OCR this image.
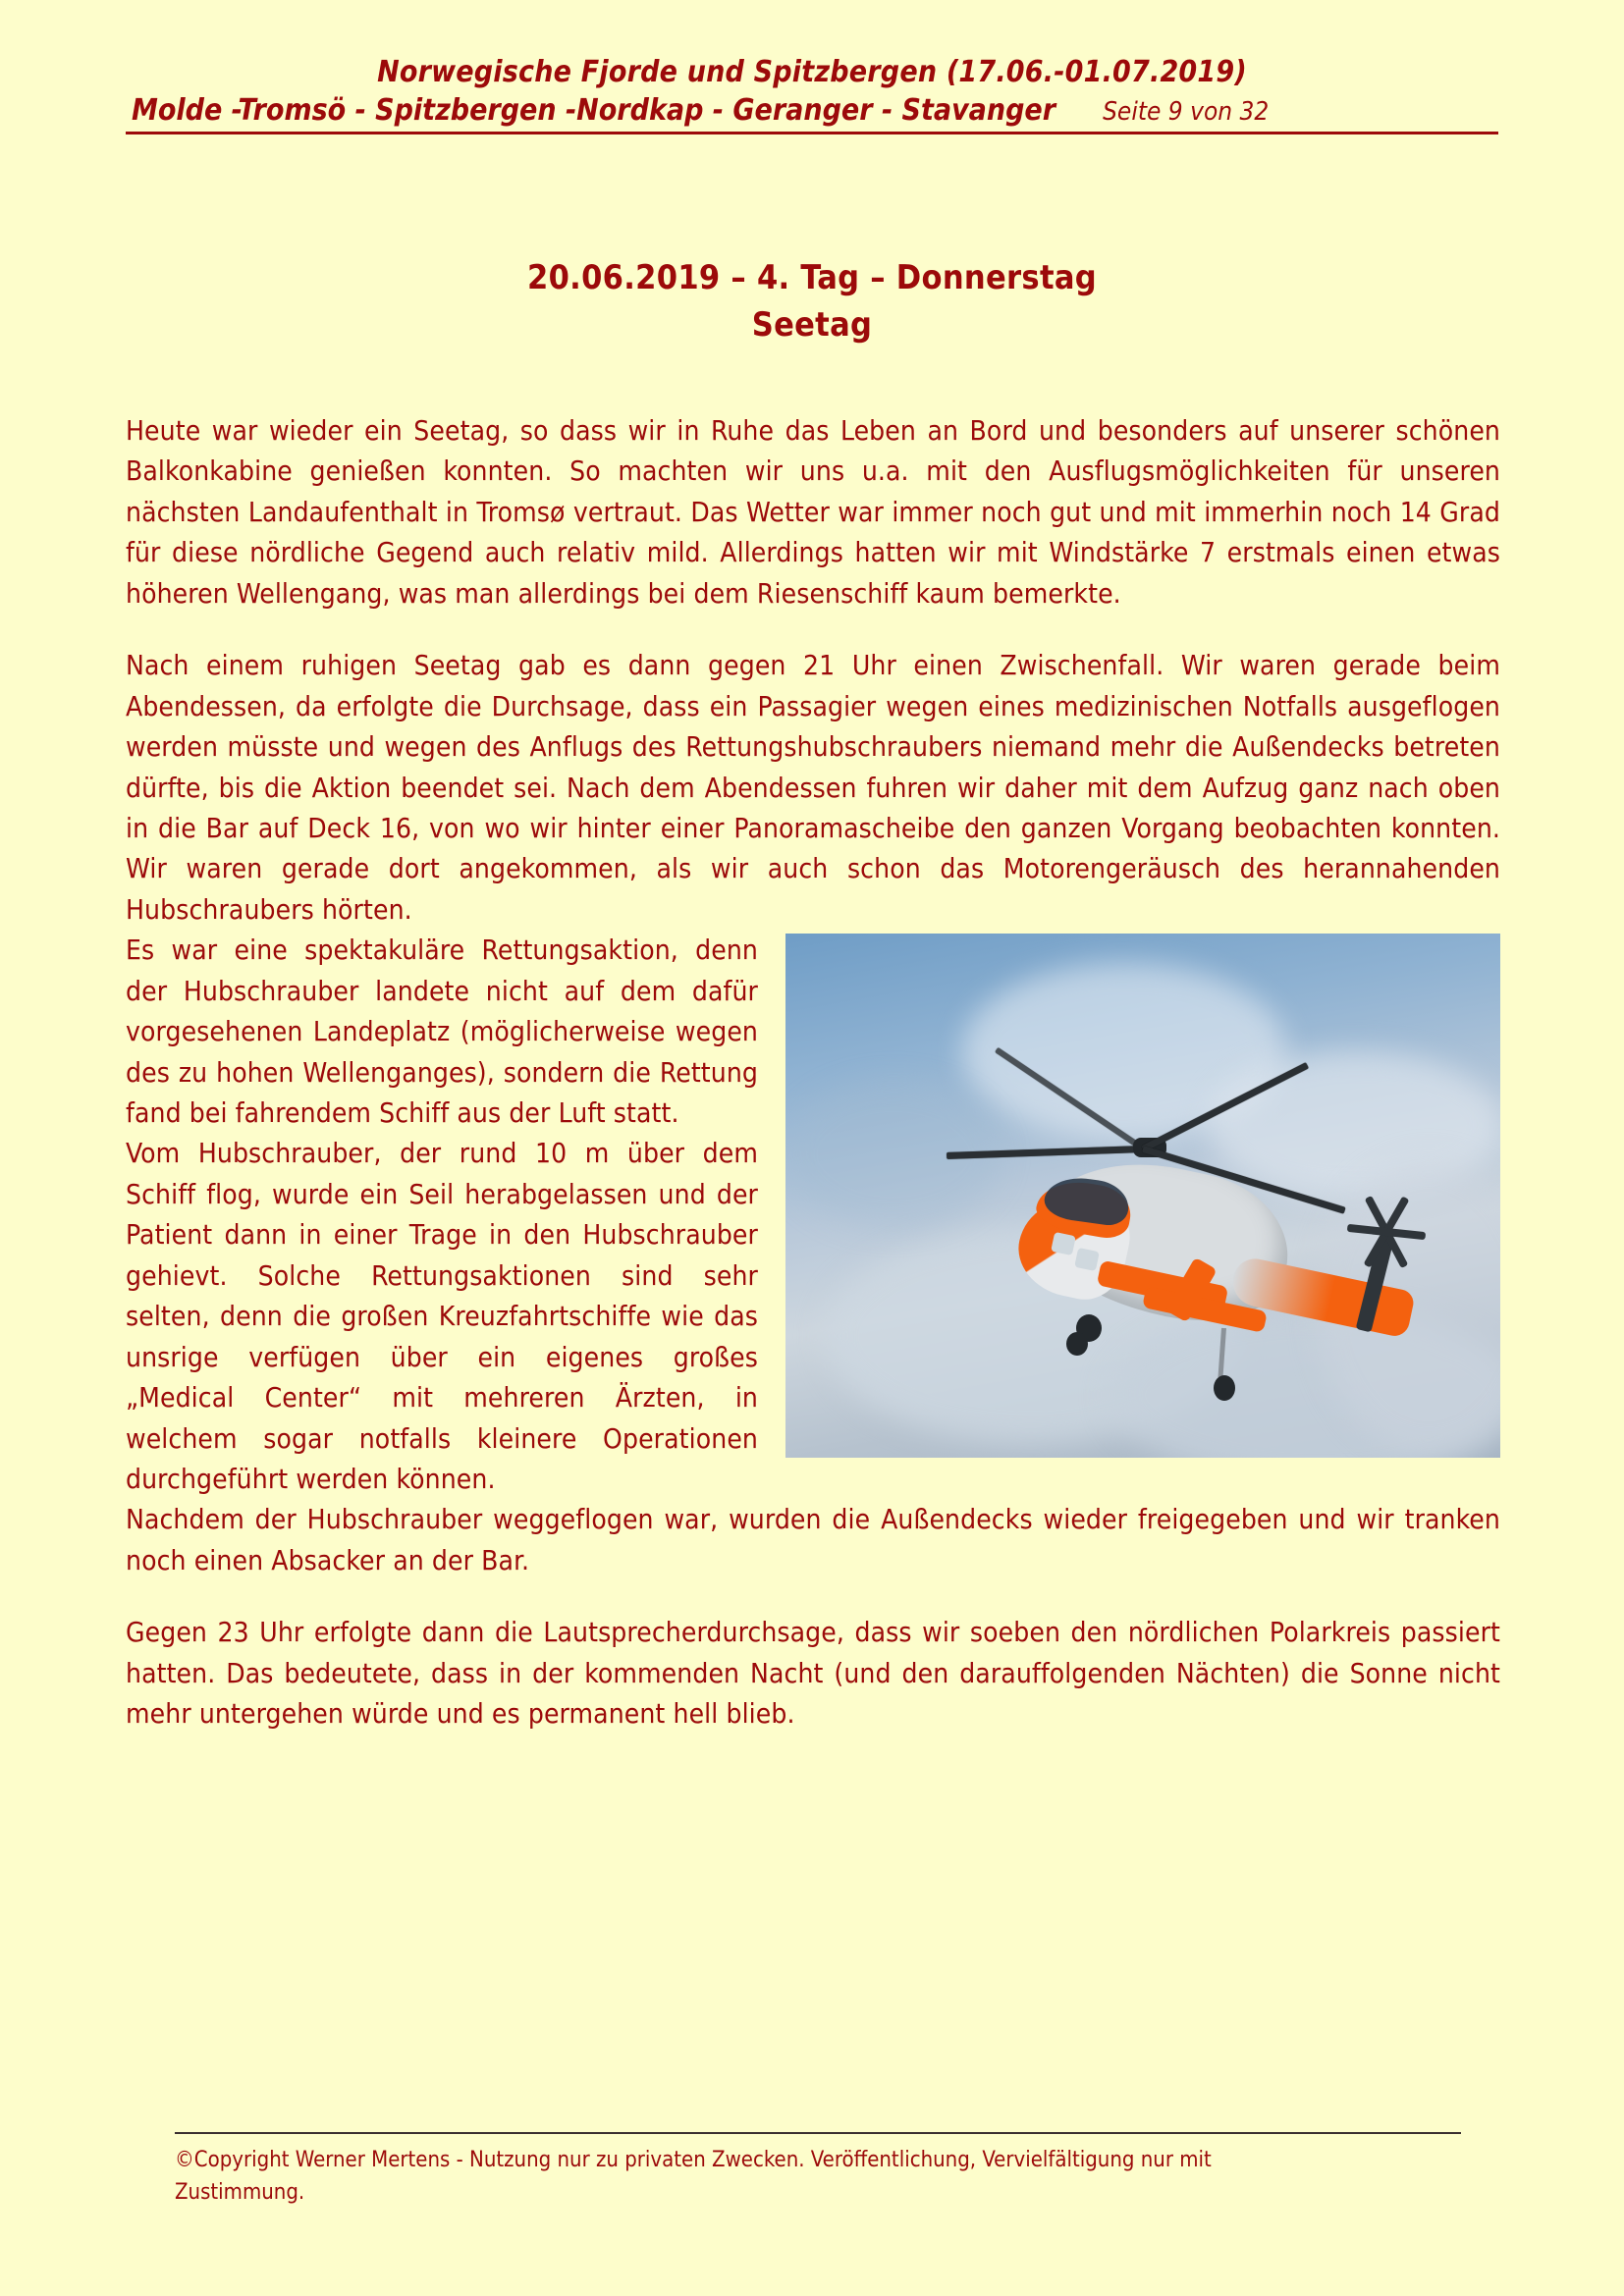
Norwegische Fjorde und Spitzbergen (17.06.-01.07.2019)
Molde -Tromsö - Spitzbergen -Nordkap - Geranger - Stavanger Seite 9 von 32
20.06.2019 – 4. Tag – Donnerstag
Seetag

Heute war wieder ein Seetag, so dass wir in Ruhe das Leben an Bord und besonders auf unserer schönen Balkonkabine genießen konnten. So machten wir uns u.a. mit den Ausflugsmöglichkeiten für unseren nächsten Landaufenthalt in Tromsø vertraut. Das Wetter war immer noch gut und mit immerhin noch 14 Grad für diese nördliche Gegend auch relativ mild. Allerdings hatten wir mit Windstärke 7 erstmals einen etwas höheren Wellengang, was man allerdings bei dem Riesenschiff kaum bemerkte.

Nach einem ruhigen Seetag gab es dann gegen 21 Uhr einen Zwischenfall. Wir waren gerade beim Abendessen, da erfolgte die Durchsage, dass ein Passagier wegen eines medizinischen Notfalls ausgeflogen werden müsste und wegen des Anflugs des Rettungshubschraubers niemand mehr die Außendecks betreten dürfte, bis die Aktion beendet sei. Nach dem Abendessen fuhren wir daher mit dem Aufzug ganz nach oben in die Bar auf Deck 16, von wo wir hinter einer Panoramascheibe den ganzen Vorgang beobachten konnten. Wir waren gerade dort angekommen, als wir auch schon das Motorengeräusch des herannahenden Hubschraubers hörten.

Es war eine spektakuläre Rettungsaktion, denn der Hubschrauber landete nicht auf dem dafür vorgesehenen Landeplatz (möglicherweise wegen des zu hohen Wellenganges), sondern die Rettung fand bei fahrendem Schiff aus der Luft statt.

Vom Hubschrauber, der rund 10 m über dem Schiff flog, wurde ein Seil herabgelassen und der Patient dann in einer Trage in den Hubschrauber gehievt. Solche Rettungsaktionen sind sehr selten, denn die großen Kreuzfahrtschiffe wie das unsrige verfügen über ein eigenes großes „Medical Center“ mit mehreren Ärzten, in welchem sogar notfalls kleinere Operationen durchgeführt werden können.

Nachdem der Hubschrauber weggeflogen war, wurden die Außendecks wieder freigegeben und wir tranken noch einen Absacker an der Bar.

Gegen 23 Uhr erfolgte dann die Lautsprecherdurchsage, dass wir soeben den nördlichen Polarkreis passiert hatten. Das bedeutete, dass in der kommenden Nacht (und den darauffolgenden Nächten) die Sonne nicht mehr untergehen würde und es permanent hell blieb.

©Copyright Werner Mertens - Nutzung nur zu privaten Zwecken. Veröffentlichung, Vervielfältigung nur mit Zustimmung.
